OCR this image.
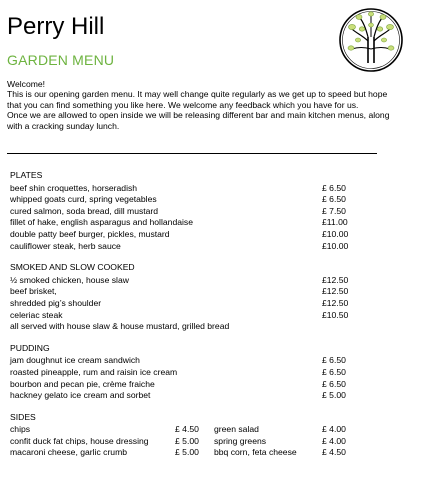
Perry Hill
GARDEN MENU
Welcome!
This is our opening garden menu. It may well change quite regularly as we get up to speed but hope
that you can find something you like here. We welcome any feedback which you have for us.
Once we are allowed to open inside we will be releasing different bar and main kitchen menus, along
with a cracking sunday lunch.
PLATES
beef shin croquettes, horseradish	£ 6.50
whipped goats curd, spring vegetables	£ 6.50
cured salmon, soda bread, dill mustard	£ 7.50
fillet of hake, english asparagus and hollandaise	£11.00
double patty beef burger, pickles, mustard	£10.00
cauliflower steak, herb sauce	£10.00
SMOKED AND SLOW COOKED
½ smoked chicken, house slaw	£12.50
beef brisket,	£12.50
shredded pig’s shoulder	£12.50
celeriac steak	£10.50
all served with house slaw & house mustard, grilled bread
PUDDING
jam doughnut ice cream sandwich	£ 6.50
roasted pineapple, rum and raisin ice cream	£ 6.50
bourbon and pecan pie, crème fraiche	£ 6.50
hackney gelato ice cream and sorbet	£ 5.00
SIDES
chips	£ 4.50 green salad	£ 4.00
confit duck fat chips, house dressing	£ 5.00 spring greens	£ 4.00
macaroni cheese, garlic crumb	£ 5.00 bbq corn, feta cheese	£ 4.50
